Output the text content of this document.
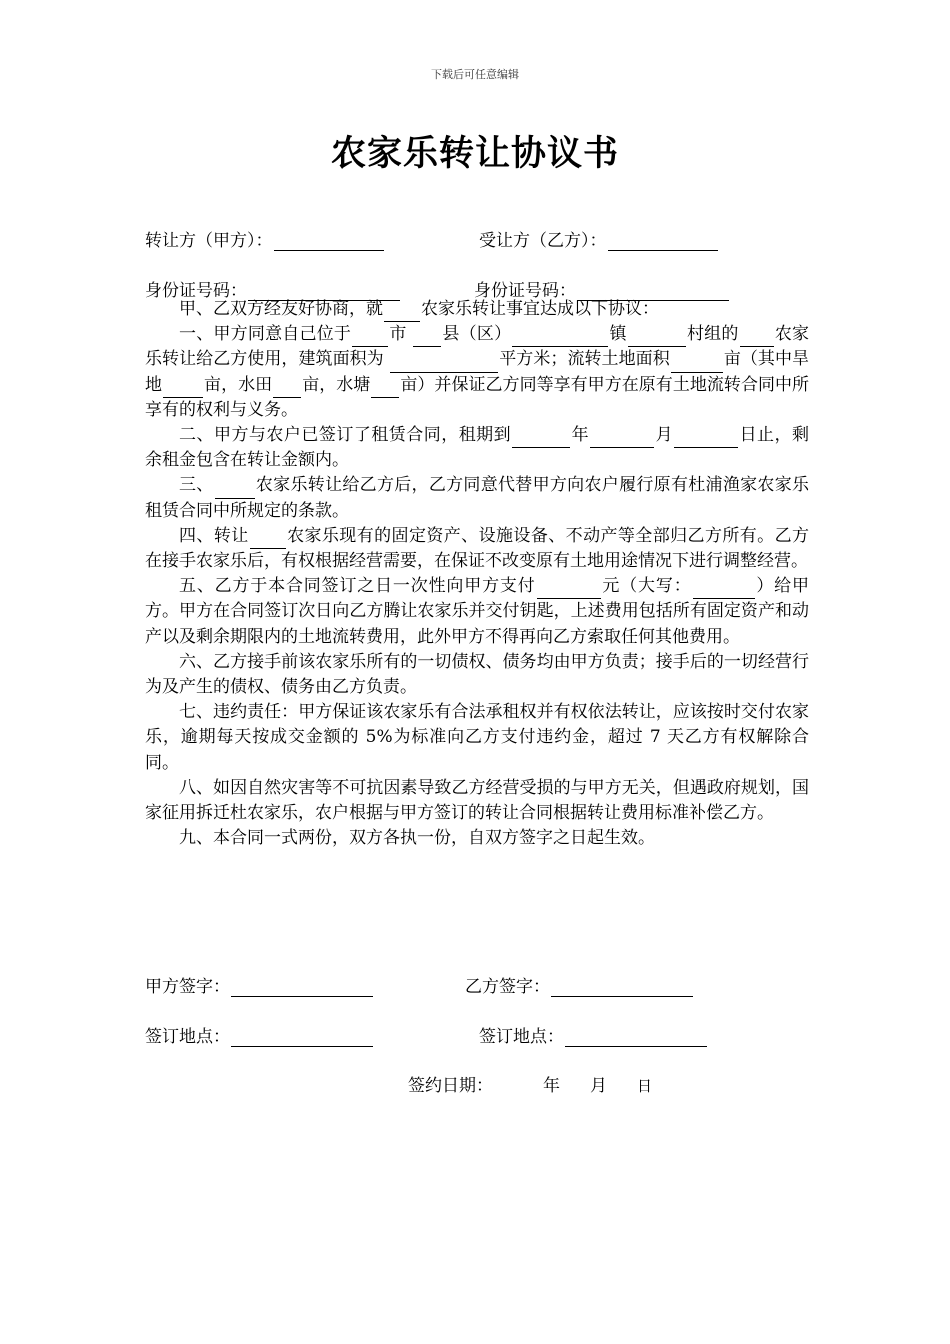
下载后可任意编辑
农家乐转让协议书
转让方（甲方）：	受让方（乙方）：
身份证号码：	身份证号码：

甲、乙双方经友好协商，就 农家乐转让事宜达成以下协议：

一、甲方同意自己位于 市 县（区）	镇	村组的 农家乐转让给乙方使用，建筑面积为	平方米；流转土地面积	亩（其中旱地 亩，水田 亩，水塘 亩）并保证乙方同等享有甲方在原有土地流转合同中所享有的权利与义务。

二、甲方与农户已签订了租赁合同，租期到	年	月	日止，剩余租金包含在转让金额内。

三、 农家乐转让给乙方后，乙方同意代替甲方向农户履行原有杜浦渔家农家乐租赁合同中所规定的条款。

四、转让 农家乐现有的固定资产、设施设备、不动产等全部归乙方所有。乙方在接手农家乐后，有权根据经营需要，在保证不改变原有土地用途情况下进行调整经营。

五、乙方于本合同签订之日一次性向甲方支付	元（大写：	）给甲方。甲方在合同签订次日向乙方腾让农家乐并交付钥匙，上述费用包括所有固定资产和动产以及剩余期限内的土地流转费用，此外甲方不得再向乙方索取任何其他费用。

六、乙方接手前该农家乐所有的一切债权、债务均由甲方负责；接手后的一切经营行为及产生的债权、债务由乙方负责。

七、违约责任：甲方保证该农家乐有合法承租权并有权依法转让，应该按时交付农家乐，逾期每天按成交金额的 5%为标准向乙方支付违约金，超过 7 天乙方有权解除合同。

八、如因自然灾害等不可抗因素导致乙方经营受损的与甲方无关，但遇政府规划，国家征用拆迁杜农家乐，农户根据与甲方签订的转让合同根据转让费用标准补偿乙方。

九、本合同一式两份，双方各执一份，自双方签字之日起生效。

甲方签字：	乙方签字：
签订地点：	签订地点：
签约日期：	年 月 日
